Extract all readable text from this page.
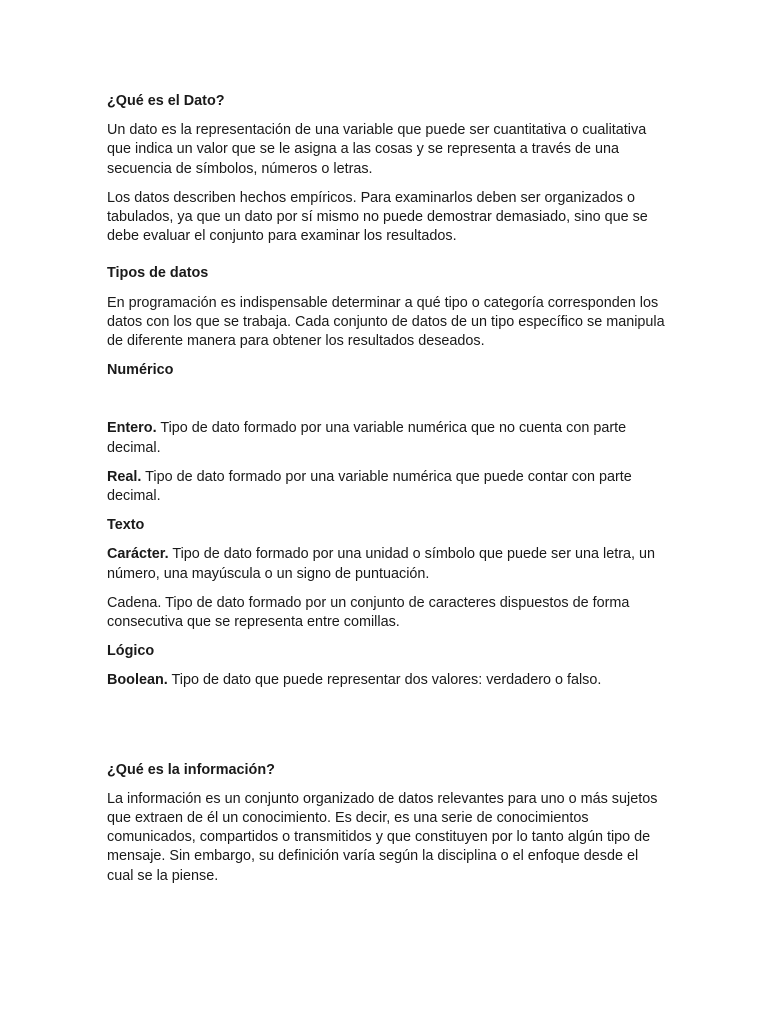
¿Qué es el Dato?

Un dato es la representación de una variable que puede ser cuantitativa o cualitativa que indica un valor que se le asigna a las cosas y se representa a través de una secuencia de símbolos, números o letras.

Los datos describen hechos empíricos. Para examinarlos deben ser organizados o tabulados, ya que un dato por sí mismo no puede demostrar demasiado, sino que se debe evaluar el conjunto para examinar los resultados.

Tipos de datos

En programación es indispensable determinar a qué tipo o categoría corresponden los datos con los que se trabaja. Cada conjunto de datos de un tipo específico se manipula de diferente manera para obtener los resultados deseados.

Numérico

Entero. Tipo de dato formado por una variable numérica que no cuenta con parte decimal.

Real. Tipo de dato formado por una variable numérica que puede contar con parte decimal.

Texto

Carácter. Tipo de dato formado por una unidad o símbolo que puede ser una letra, un número, una mayúscula o un signo de puntuación.

Cadena. Tipo de dato formado por un conjunto de caracteres dispuestos de forma consecutiva que se representa entre comillas.

Lógico

Boolean. Tipo de dato que puede representar dos valores: verdadero o falso.

¿Qué es la información?

La información es un conjunto organizado de datos relevantes para uno o más sujetos que extraen de él un conocimiento. Es decir, es una serie de conocimientos comunicados, compartidos o transmitidos y que constituyen por lo tanto algún tipo de mensaje. Sin embargo, su definición varía según la disciplina o el enfoque desde el cual se la piense.
